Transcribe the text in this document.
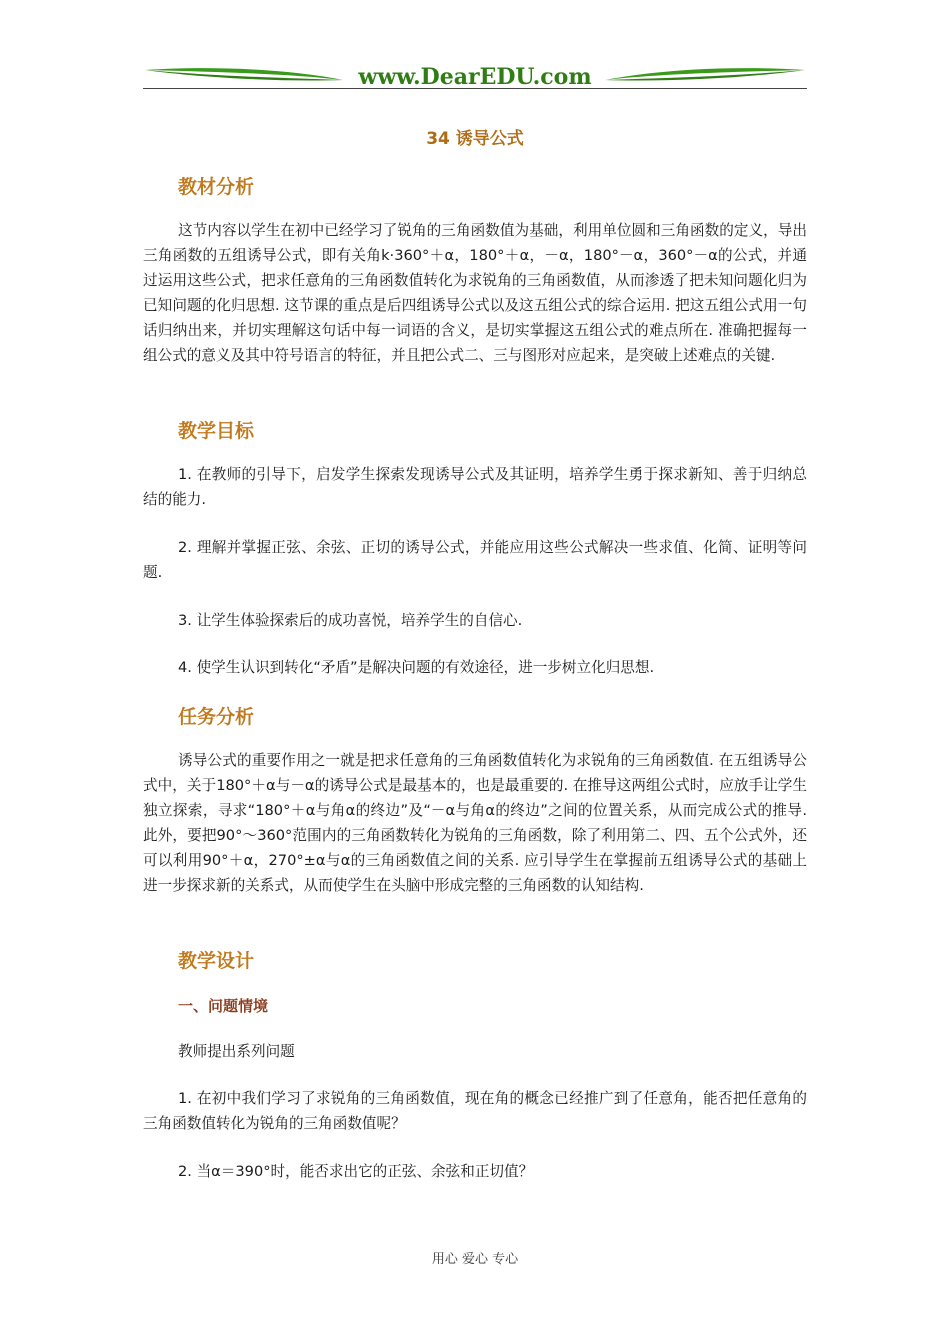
www.DearEDU.com
34 诱导公式
教材分析

这节内容以学生在初中已经学习了锐角的三角函数值为基础，利用单位圆和三角函数的定义，导出三角函数的五组诱导公式，即有关角k·360°＋α，180°＋α，－α，180°－α，360°－α的公式，并通过运用这些公式，把求任意角的三角函数值转化为求锐角的三角函数值，从而渗透了把未知问题化归为已知问题的化归思想. 这节课的重点是后四组诱导公式以及这五组公式的综合运用. 把这五组公式用一句话归纳出来，并切实理解这句话中每一词语的含义，是切实掌握这五组公式的难点所在. 准确把握每一组公式的意义及其中符号语言的特征，并且把公式二、三与图形对应起来，是突破上述难点的关键.

教学目标

1. 在教师的引导下，启发学生探索发现诱导公式及其证明，培养学生勇于探求新知、善于归纳总结的能力.

2. 理解并掌握正弦、余弦、正切的诱导公式，并能应用这些公式解决一些求值、化简、证明等问题.

3. 让学生体验探索后的成功喜悦，培养学生的自信心.

4. 使学生认识到转化“矛盾”是解决问题的有效途径，进一步树立化归思想.

任务分析

诱导公式的重要作用之一就是把求任意角的三角函数值转化为求锐角的三角函数值. 在五组诱导公式中，关于180°＋α与－α的诱导公式是最基本的，也是最重要的. 在推导这两组公式时，应放手让学生独立探索，寻求“180°＋α与角α的终边”及“－α与角α的终边”之间的位置关系，从而完成公式的推导. 此外，要把90°～360°范围内的三角函数转化为锐角的三角函数，除了利用第二、四、五个公式外，还可以利用90°＋α，270°±α与α的三角函数值之间的关系. 应引导学生在掌握前五组诱导公式的基础上进一步探求新的关系式，从而使学生在头脑中形成完整的三角函数的认知结构.

教学设计
一、问题情境

教师提出系列问题

1. 在初中我们学习了求锐角的三角函数值，现在角的概念已经推广到了任意角，能否把任意角的三角函数值转化为锐角的三角函数值呢？

2. 当α＝390°时，能否求出它的正弦、余弦和正切值？

用心 爱心 专心
